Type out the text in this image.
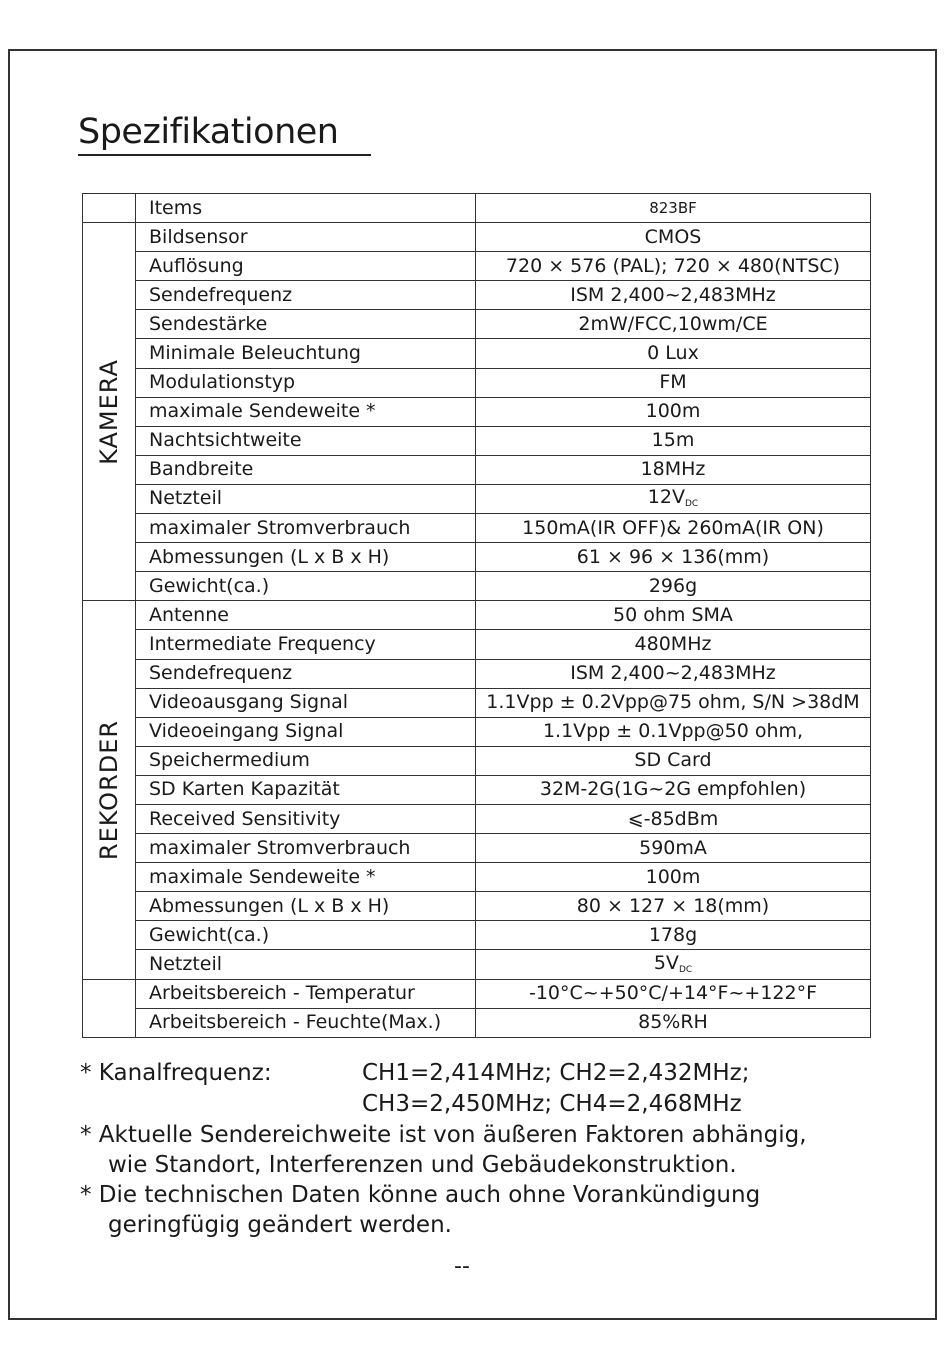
Spezifikationen
	Items	823BF

KAMERA	Bildsensor	CMOS
	Auflösung	720 × 576 (PAL); 720 × 480(NTSC)
	Sendefrequenz	ISM 2,400~2,483MHz
	Sendestärke	2mW/FCC,10wm/CE
	Minimale Beleuchtung	0 Lux
	Modulationstyp	FM
	maximale Sendeweite *	100m
	Nachtsichtweite	15m
	Bandbreite	18MHz
	Netzteil	$12V_{DC}$
	maximaler Stromverbrauch	150mA(IR OFF)& 260mA(IR ON)
	Abmessungen (L x B x H)	61 × 96 × 136(mm)
	Gewicht(ca.)	296g

REKORDER	Antenne	50 ohm SMA
	Intermediate Frequency	480MHz
	Sendefrequenz	ISM 2,400~2,483MHz
	Videoausgang Signal	1.1Vpp ± 0.2Vpp@75 ohm, S/N >38dM
	Videoeingang Signal	1.1Vpp ± 0.1Vpp@50 ohm,
	Speichermedium	SD Card
	SD Karten Kapazität	32M-2G(1G~2G empfohlen)
	Received Sensitivity	⩽-85dBm
	maximaler Stromverbrauch	590mA
	maximale Sendeweite *	100m
	Abmessungen (L x B x H)	80 × 127 × 18(mm)
	Gewicht(ca.)	178g
	Netzteil	$5V_{DC}$
	Arbeitsbereich - Temperatur	-10°C~+50°C/+14°F~+122°F
	Arbeitsbereich - Feuchte(Max.)	85%RH
* Kanalfrequenz:	CH1=2,414MHz; CH2=2,432MHz;
CH3=2,450MHz; CH4=2,468MHz
* Aktuelle Sendereichweite ist von äußeren Faktoren abhängig,
wie Standort, Interferenzen und Gebäudekonstruktion.
* Die technischen Daten könne auch ohne Vorankündigung
geringfügig geändert werden.
--
